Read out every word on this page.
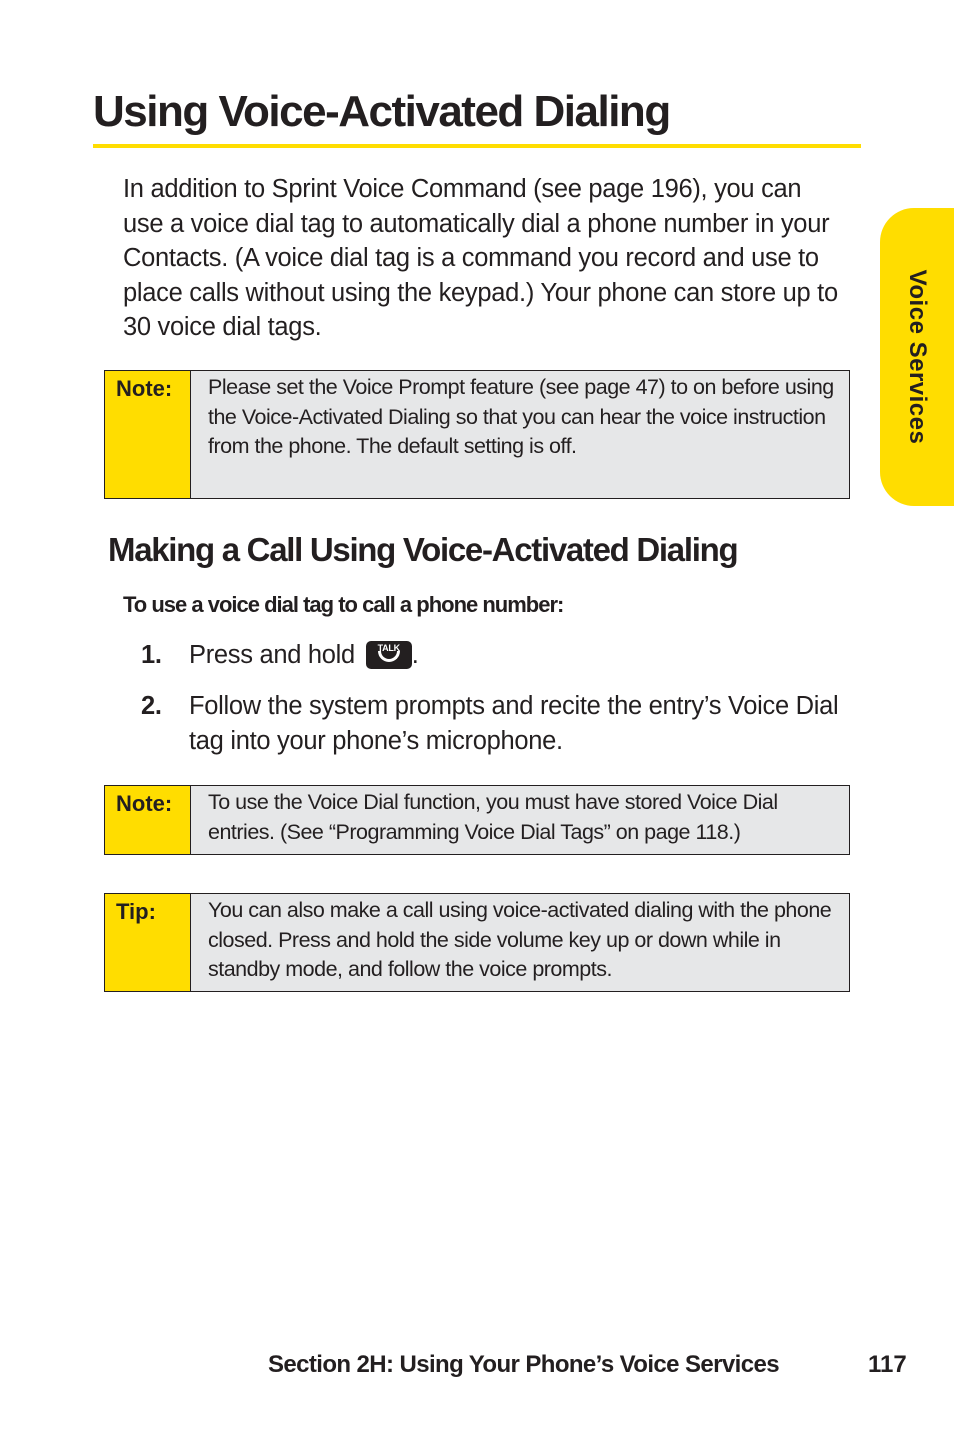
Using Voice-Activated Dialing

In addition to Sprint Voice Command (see page 196), you can use a voice dial tag to automatically dial a phone number in your Contacts. (A voice dial tag is a command you record and use to place calls without using the keypad.) Your phone can store up to 30 voice dial tags.	Voice Services
Note:	Please set the Voice Prompt feature (see page 47) to on before using the Voice-Activated Dialing so that you can hear the voice instruction from the phone. The default setting is off.
Making a Call Using Voice-Activated Dialing
To use a voice dial tag to call a phone number:
1.	Press and hold	TALK .
2.	Follow the system prompts and recite the entry’s Voice Dial tag into your phone’s microphone.
Note:	To use the Voice Dial function, you must have stored Voice Dial entries. (See “Programming Voice Dial Tags” on page 118.)
Tip:	You can also make a call using voice-activated dialing with the phone closed. Press and hold the side volume key up or down while in standby mode, and follow the voice prompts.
Section 2H: Using Your Phone’s Voice Services	117
